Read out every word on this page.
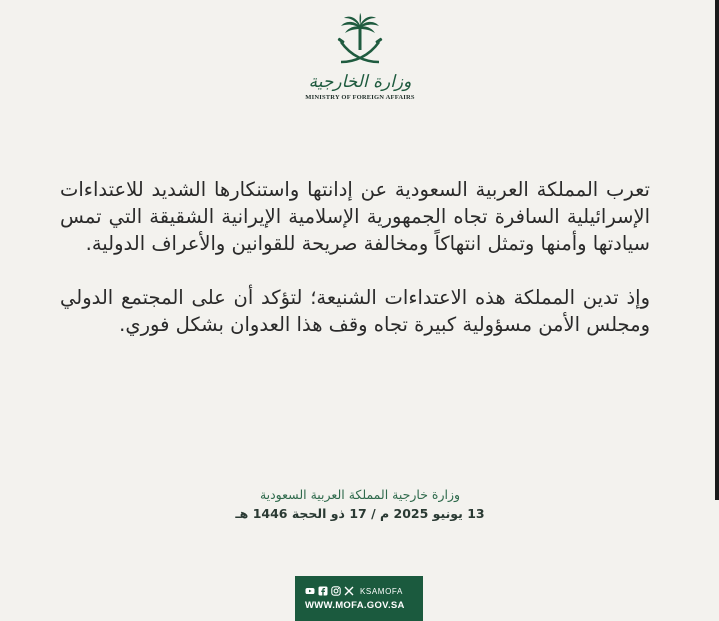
وزارة الخارجية
MINISTRY OF FOREIGN AFFAIRS

تعرب المملكة العربية السعودية عن إدانتها واستنكارها الشديد للاعتداءات الإسرائيلية السافرة تجاه الجمهورية الإسلامية الإيرانية الشقيقة التي تمس سيادتها وأمنها وتمثل انتهاكاً ومخالفة صريحة للقوانين والأعراف الدولية.

وإذ تدين المملكة هذه الاعتداءات الشنيعة؛ لتؤكد أن على المجتمع الدولي ومجلس الأمن مسؤولية كبيرة تجاه وقف هذا العدوان بشكل فوري.

وزارة خارجية المملكة العربية السعودية
13 يونيو 2025 م / 17 ذو الحجة 1446 هـ
KSAMOFA
WWW.MOFA.GOV.SA
